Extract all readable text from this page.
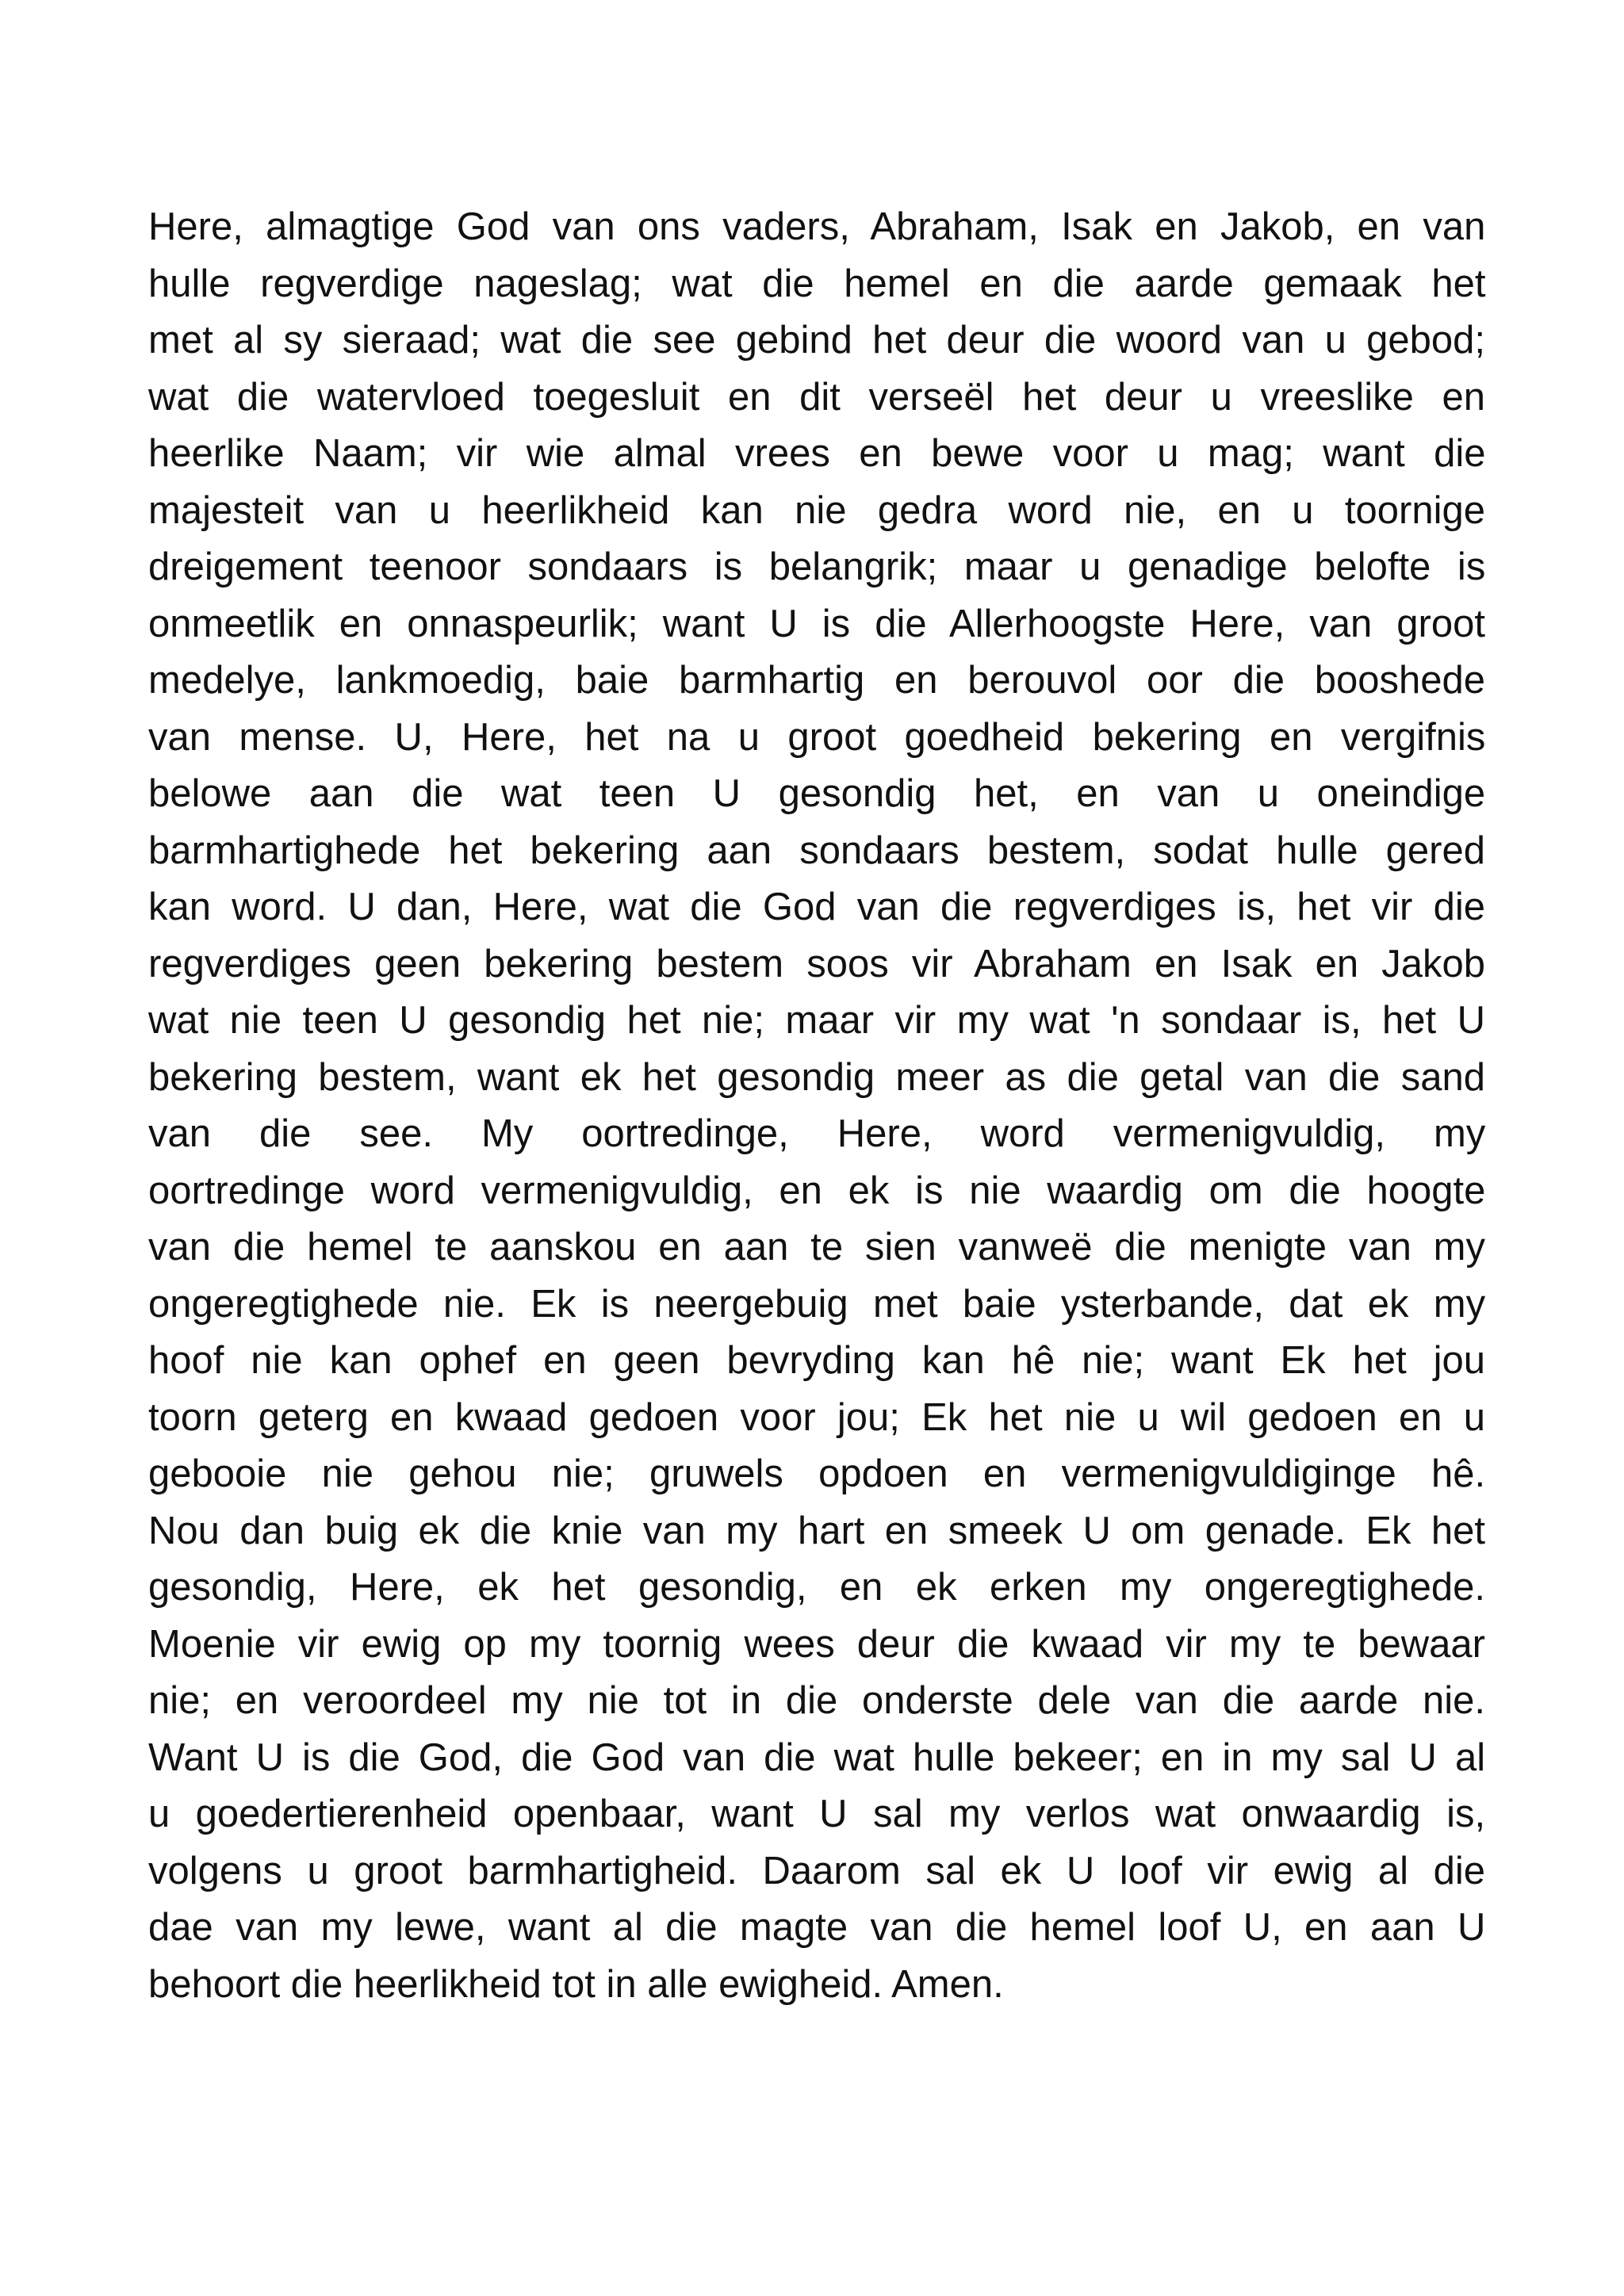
Here, almagtige God van ons vaders, Abraham, Isak en Jakob, en van
hulle regverdige nageslag; wat die hemel en die aarde gemaak het
met al sy sieraad; wat die see gebind het deur die woord van u gebod;
wat die watervloed toegesluit en dit verseël het deur u vreeslike en
heerlike Naam; vir wie almal vrees en bewe voor u mag; want die
majesteit van u heerlikheid kan nie gedra word nie, en u toornige
dreigement teenoor sondaars is belangrik; maar u genadige belofte is
onmeetlik en onnaspeurlik; want U is die Allerhoogste Here, van groot
medelye, lankmoedig, baie barmhartig en berouvol oor die booshede
van mense. U, Here, het na u groot goedheid bekering en vergifnis
belowe aan die wat teen U gesondig het, en van u oneindige
barmhartighede het bekering aan sondaars bestem, sodat hulle gered
kan word. U dan, Here, wat die God van die regverdiges is, het vir die
regverdiges geen bekering bestem soos vir Abraham en Isak en Jakob
wat nie teen U gesondig het nie; maar vir my wat 'n sondaar is, het U
bekering bestem, want ek het gesondig meer as die getal van die sand
van die see. My oortredinge, Here, word vermenigvuldig, my
oortredinge word vermenigvuldig, en ek is nie waardig om die hoogte
van die hemel te aanskou en aan te sien vanweë die menigte van my
ongeregtighede nie. Ek is neergebuig met baie ysterbande, dat ek my
hoof nie kan ophef en geen bevryding kan hê nie; want Ek het jou
toorn geterg en kwaad gedoen voor jou; Ek het nie u wil gedoen en u
gebooie nie gehou nie; gruwels opdoen en vermenigvuldiginge hê.
Nou dan buig ek die knie van my hart en smeek U om genade. Ek het
gesondig, Here, ek het gesondig, en ek erken my ongeregtighede.
Moenie vir ewig op my toornig wees deur die kwaad vir my te bewaar
nie; en veroordeel my nie tot in die onderste dele van die aarde nie.
Want U is die God, die God van die wat hulle bekeer; en in my sal U al
u goedertierenheid openbaar, want U sal my verlos wat onwaardig is,
volgens u groot barmhartigheid. Daarom sal ek U loof vir ewig al die
dae van my lewe, want al die magte van die hemel loof U, en aan U
behoort die heerlikheid tot in alle ewigheid. Amen.
